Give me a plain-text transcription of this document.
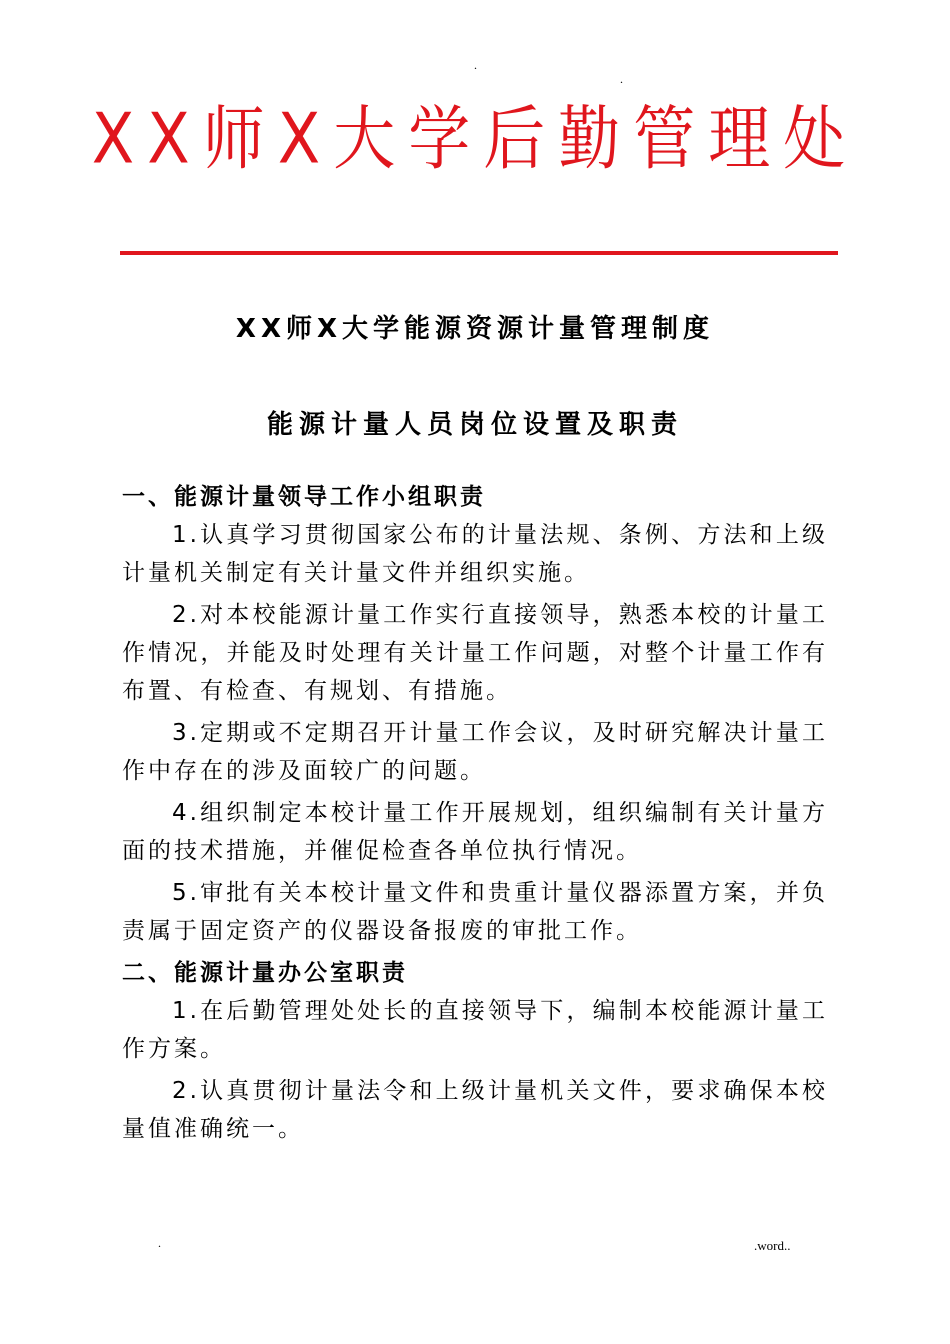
.
.
XX师X大学后勤管理处
XX师X大学能源资源计量管理制度
能源计量人员岗位设置及职责

一、能源计量领导工作小组职责

1.认真学习贯彻国家公布的计量法规、条例、方法和上级计量机关制定有关计量文件并组织实施。

2.对本校能源计量工作实行直接领导，熟悉本校的计量工作情况，并能及时处理有关计量工作问题，对整个计量工作有布置、有检查、有规划、有措施。

3.定期或不定期召开计量工作会议，及时研究解决计量工作中存在的涉及面较广的问题。

4.组织制定本校计量工作开展规划，组织编制有关计量方面的技术措施，并催促检查各单位执行情况。

5.审批有关本校计量文件和贵重计量仪器添置方案，并负责属于固定资产的仪器设备报废的审批工作。

二、能源计量办公室职责

1.在后勤管理处处长的直接领导下，编制本校能源计量工作方案。

2.认真贯彻计量法令和上级计量机关文件，要求确保本校量值准确统一。

.	.word..
